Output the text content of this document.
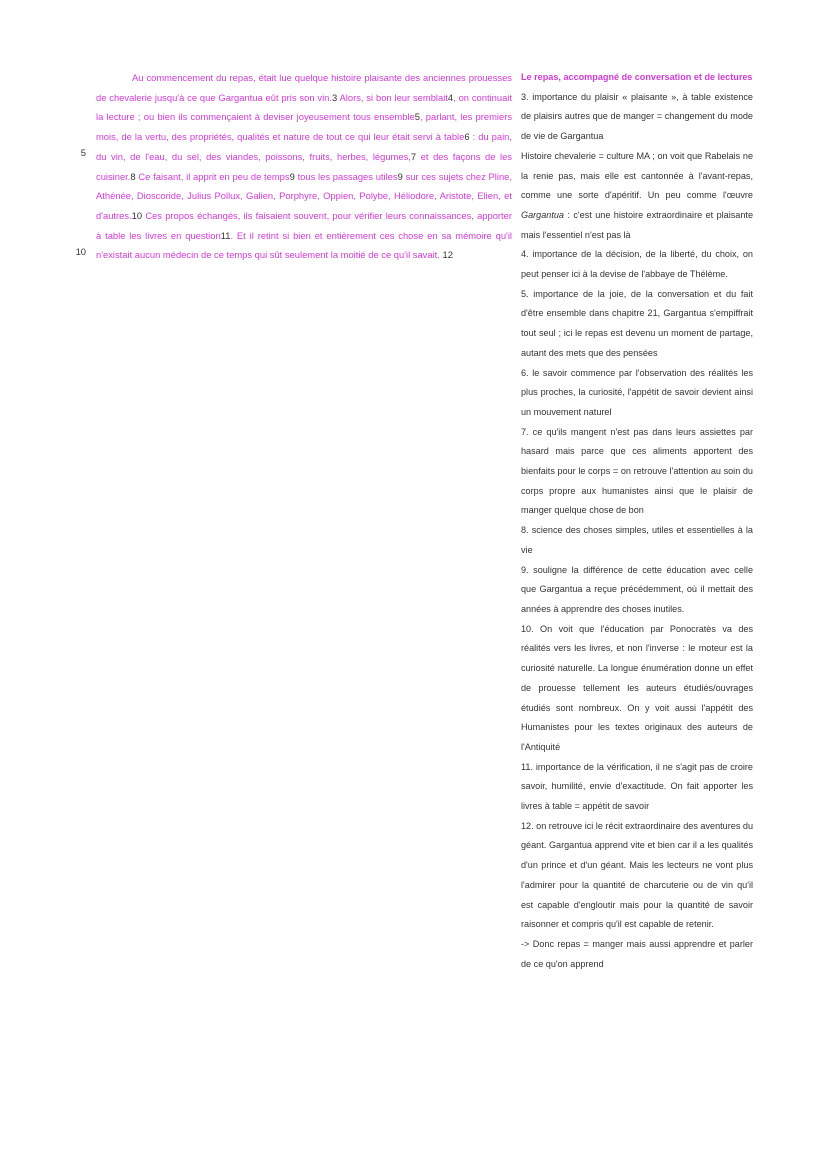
5
10

Au commencement du repas, était lue quelque histoire plaisante des anciennes prouesses de chevalerie jusqu'à ce que Gargantua eût pris son vin.3 Alors, si bon leur semblait4, on continuait la lecture ; ou bien ils commençaient à deviser joyeusement tous ensemble5, parlant, les premiers mois, de la vertu, des propriétés, qualités et nature de tout ce qui leur était servi à table6 : du pain, du vin, de l'eau, du sel, des viandes, poissons, fruits, herbes, légumes,7 et des façons de les cuisiner.8 Ce faisant, il apprit en peu de temps9 tous les passages utiles9 sur ces sujets chez Pline, Athénée, Dioscoride, Julius Pollux, Galien, Porphyre, Oppien, Polybe, Héliodore, Aristote, Elien, et d'autres.10 Ces propos échangés, ils faisaient souvent, pour vérifier leurs connaissances, apporter à table les livres en question11. Et il retint si bien et entièrement ces chose en sa mémoire qu'il n'existait aucun médecin de ce temps qui sût seulement la moitié de ce qu'il savait. 12

Le repas, accompagné de conversation et de lectures

3. importance du plaisir « plaisante », à table existence de plaisirs autres que de manger = changement du mode de vie de Gargantua

Histoire chevalerie = culture MA ; on voit que Rabelais ne la renie pas, mais elle est cantonnée à l'avant-repas, comme une sorte d'apéritif. Un peu comme l'œuvre Gargantua : c'est une histoire extraordinaire et plaisante mais l'essentiel n'est pas là

4. importance de la décision, de la liberté, du choix, on peut penser ici à la devise de l'abbaye de Thélème.

5. importance de la joie, de la conversation et du fait d'être ensemble dans chapitre 21, Gargantua s'empiffrait tout seul ; ici le repas est devenu un moment de partage, autant des mets que des pensées

6. le savoir commence par l'observation des réalités les plus proches, la curiosité, l'appétit de savoir devient ainsi un mouvement naturel

7. ce qu'ils mangent n'est pas dans leurs assiettes par hasard mais parce que ces aliments apportent des bienfaits pour le corps = on retrouve l'attention au soin du corps propre aux humanistes ainsi que le plaisir de manger quelque chose de bon

8. science des choses simples, utiles et essentielles à la vie

9. souligne la différence de cette éducation avec celle que Gargantua a reçue précédemment, où il mettait des années à apprendre des choses inutiles.

10. On voit que l'éducation par Ponocratès va des réalités vers les livres, et non l'inverse : le moteur est la curiosité naturelle. La longue énumération donne un effet de prouesse tellement les auteurs étudiés/ouvrages étudiés sont nombreux. On y voit aussi l'appétit des Humanistes pour les textes originaux des auteurs de l'Antiquité

11. importance de la vérification, il ne s'agit pas de croire savoir, humilité, envie d'exactitude. On fait apporter les livres à table = appétit de savoir

12. on retrouve ici le récit extraordinaire des aventures du géant. Gargantua apprend vite et bien car il a les qualités d'un prince et d'un géant. Mais les lecteurs ne vont plus l'admirer pour la quantité de charcuterie ou de vin qu'il est capable d'engloutir mais pour la quantité de savoir raisonner et compris qu'il est capable de retenir.

-> Donc repas = manger mais aussi apprendre et parler de ce qu'on apprend
